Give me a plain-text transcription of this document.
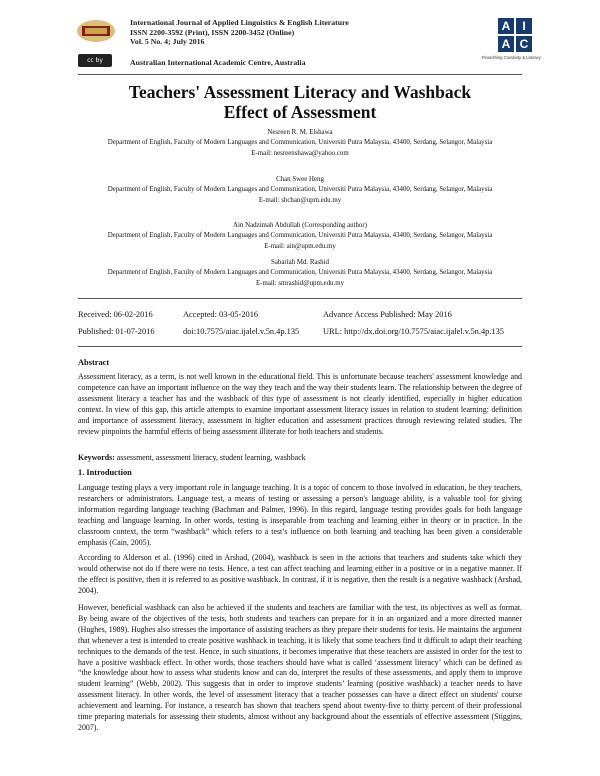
cc by
International Journal of Applied Linguistics & English Literature
ISSN 2200-3592 (Print), ISSN 2200-3452 (Online)
Vol. 5 No. 4; July 2016
Australian International Academic Centre, Australia
A	I
A C
Flourishing Creativity & Literacy
Teachers' Assessment Literacy and Washback
Effect of Assessment
Nesreen R. M. Elshawa
Department of English, Faculty of Modern Languages and Communication, Universiti Putra Malaysia, 43400, Serdang, Selangor, Malaysia
E-mail: nesreenshawa@yahoo.com
Chan Swee Heng
Department of English, Faculty of Modern Languages and Communication, Universiti Putra Malaysia, 43400, Serdang, Selangor, Malaysia
E-mail: shchan@upm.edu.my
Ain Nadzimah Abdullah (Corresponding author)
Department of English, Faculty of Modern Languages and Communication, Universiti Putra Malaysia, 43400, Serdang, Selangor, Malaysia
E-mail: ain@upm.edu.my
Sabariah Md. Rashid
Department of English, Faculty of Modern Languages and Communication, Universiti Putra Malaysia, 43400, Serdang, Selangor, Malaysia
E-mail: smrashid@upm.edu.my
Received: 06-02-2016	Accepted: 03-05-2016	Advance Access Published: May 2016
Published: 01-07-2016	doi:10.7575/aiac.ijalel.v.5n.4p.135	URL: http://dx.doi.org/10.7575/aiac.ijalel.v.5n.4p.135
Abstract

Assessment literacy, as a term, is not well known in the educational field. This is unfortunate because teachers' assessment knowledge and competence can have an important influence on the way they teach and the way their students learn. The relationship between the degree of assessment literacy a teacher has and the washback of this type of assessment is not clearly identified, especially in higher education context. In view of this gap, this article attempts to examine important assessment literacy issues in relation to student learning: definition and importance of assessment literacy, assessment in higher education and assessment practices through reviewing related studies. The review pinpoints the harmful effects of being assessment illiterate for both teachers and students.

Keywords: assessment, assessment literacy, student learning, washback
1. Introduction

Language testing plays a very important role in language teaching. It is a topic of concern to those involved in education, be they teachers, researchers or administrators. Language test, a means of testing or assessing a person's language ability, is a valuable tool for giving information regarding language teaching (Bachman and Palmer, 1996). In this regard, language testing provides goals for both language teaching and language learning. In other words, testing is inseparable from teaching and learning either in theory or in practice. In the classroom context, the term “washback” which refers to a test’s influence on both learning and teaching has been given a considerable emphasis (Cain, 2005).

According to Alderson et al. (1996) cited in Arshad, (2004), washback is seen in the actions that teachers and students take which they would otherwise not do if there were no tests. Hence, a test can affect teaching and learning either in a positive or in a negative manner. If the effect is positive, then it is referred to as positive washback. In contrast, if it is negative, then the result is a negative washback (Arshad, 2004).

However, beneficial washback can also be achieved if the students and teachers are familiar with the test, its objectives as well as format. By being aware of the objectives of the tests, both students and teachers can prepare for it in an organized and a more directed manner (Hughes, 1989). Hughes also stresses the importance of assisting teachers as they prepare their students for tests. He maintains the argument that whenever a test is intended to create positive washback in teaching, it is likely that some teachers find it difficult to adapt their teaching techniques to the demands of the test. Hence, in such situations, it becomes imperative that these teachers are assisted in order for the test to have a positive washback effect. In other words, those teachers should have what is called ‘assessment literacy’ which can be defined as “the knowledge about how to assess what students know and can do, interpret the results of these assessments, and apply them to improve student learning” (Webb, 2002). This suggests that in order to improve students’ learning (positive washback) a teacher needs to have assessment literacy. In other words, the level of assessment literacy that a teacher possesses can have a direct effect on students' course achievement and learning. For instance, a research has shown that teachers spend about twenty-five to thirty percent of their professional time preparing materials for assessing their students, almost without any background about the essentials of effective assessment (Stiggins, 2007).
